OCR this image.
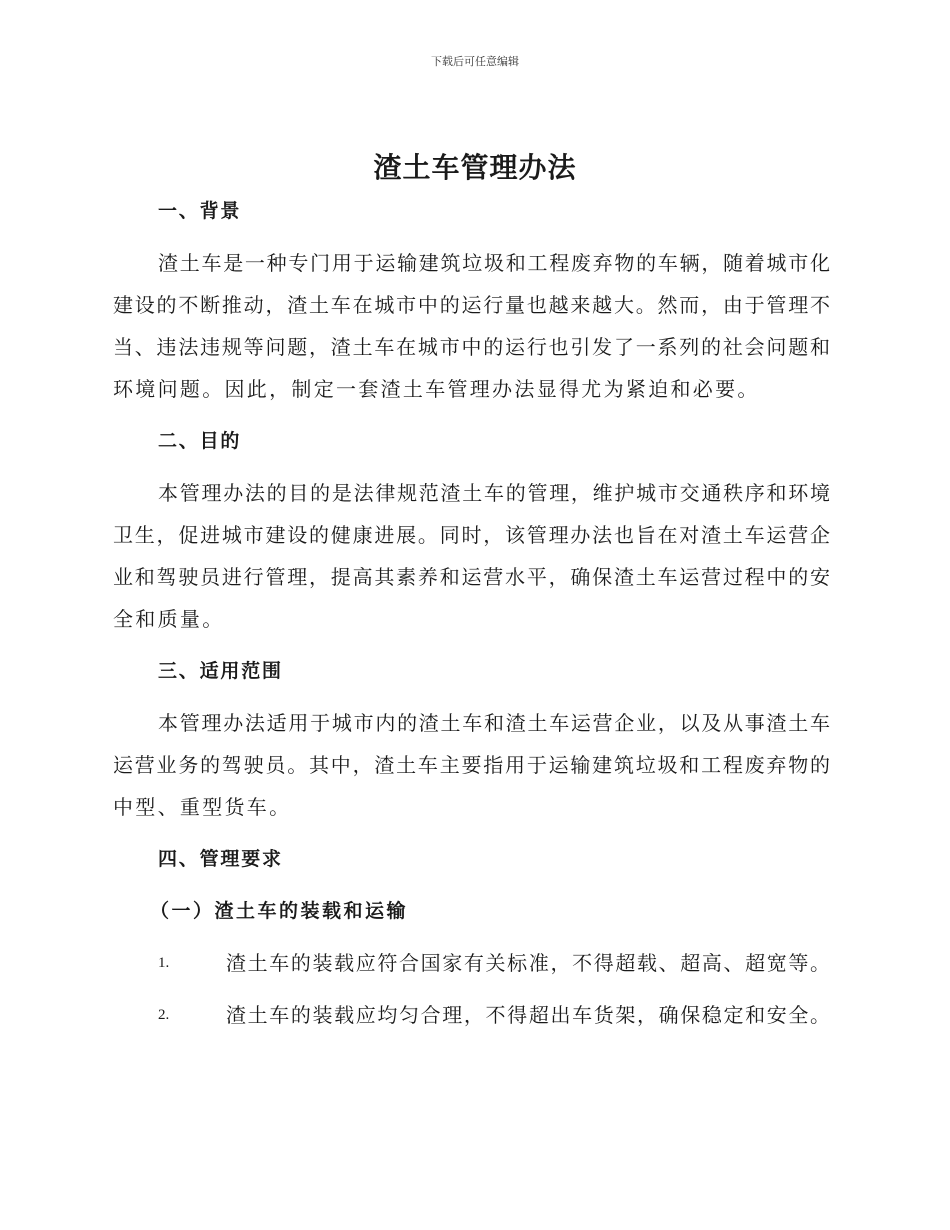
下载后可任意编辑
渣土车管理办法
一、背景
渣土车是一种专门用于运输建筑垃圾和工程废弃物的车辆，随着城市化
建设的不断推动，渣土车在城市中的运行量也越来越大。然而，由于管理不
当、违法违规等问题，渣土车在城市中的运行也引发了一系列的社会问题和
环境问题。因此，制定一套渣土车管理办法显得尤为紧迫和必要。
二、目的
本管理办法的目的是法律规范渣土车的管理，维护城市交通秩序和环境
卫生，促进城市建设的健康进展。同时，该管理办法也旨在对渣土车运营企
业和驾驶员进行管理，提高其素养和运营水平，确保渣土车运营过程中的安
全和质量。
三、适用范围
本管理办法适用于城市内的渣土车和渣土车运营企业，以及从事渣土车
运营业务的驾驶员。其中，渣土车主要指用于运输建筑垃圾和工程废弃物的
中型、重型货车。
四、管理要求
（一）渣土车的装载和运输
1.	渣土车的装载应符合国家有关标准，不得超载、超高、超宽等。
2.	渣土车的装载应均匀合理，不得超出车货架，确保稳定和安全。
